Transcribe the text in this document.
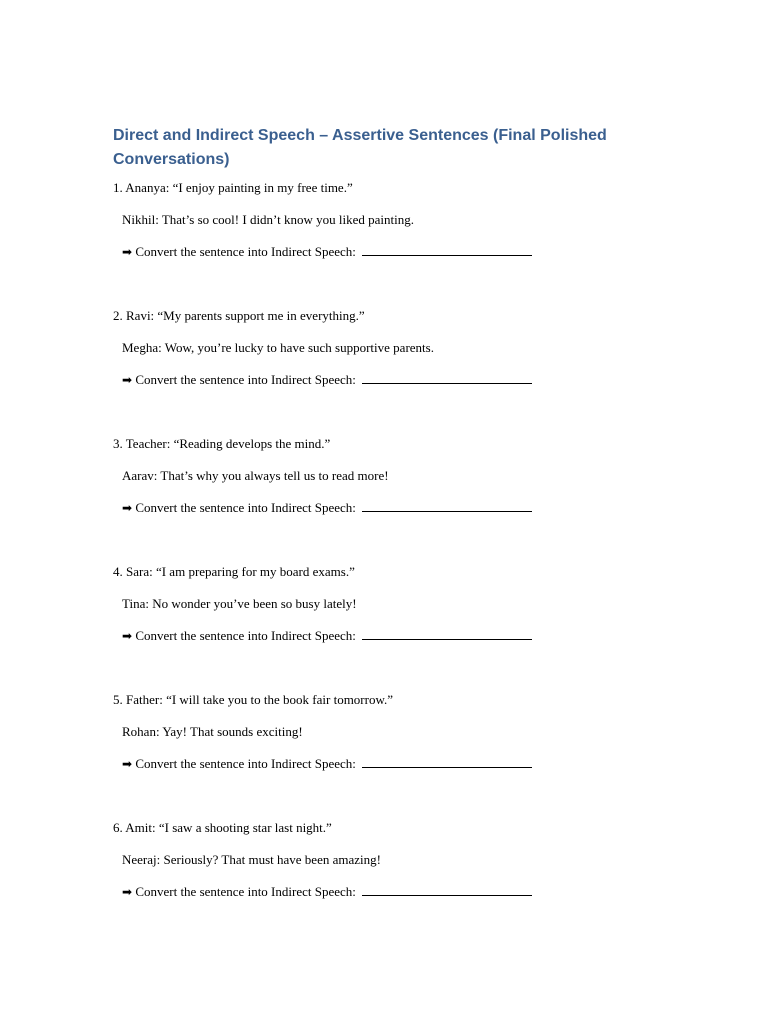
Direct and Indirect Speech – Assertive Sentences (Final Polished Conversations)
1. Ananya: “I enjoy painting in my free time.”
Nikhil: That’s so cool! I didn’t know you liked painting.
➡ Convert the sentence into Indirect Speech:
2. Ravi: “My parents support me in everything.”
Megha: Wow, you’re lucky to have such supportive parents.
➡ Convert the sentence into Indirect Speech:
3. Teacher: “Reading develops the mind.”
Aarav: That’s why you always tell us to read more!
➡ Convert the sentence into Indirect Speech:
4. Sara: “I am preparing for my board exams.”
Tina: No wonder you’ve been so busy lately!
➡ Convert the sentence into Indirect Speech:
5. Father: “I will take you to the book fair tomorrow.”
Rohan: Yay! That sounds exciting!
➡ Convert the sentence into Indirect Speech:
6. Amit: “I saw a shooting star last night.”
Neeraj: Seriously? That must have been amazing!
➡ Convert the sentence into Indirect Speech:
